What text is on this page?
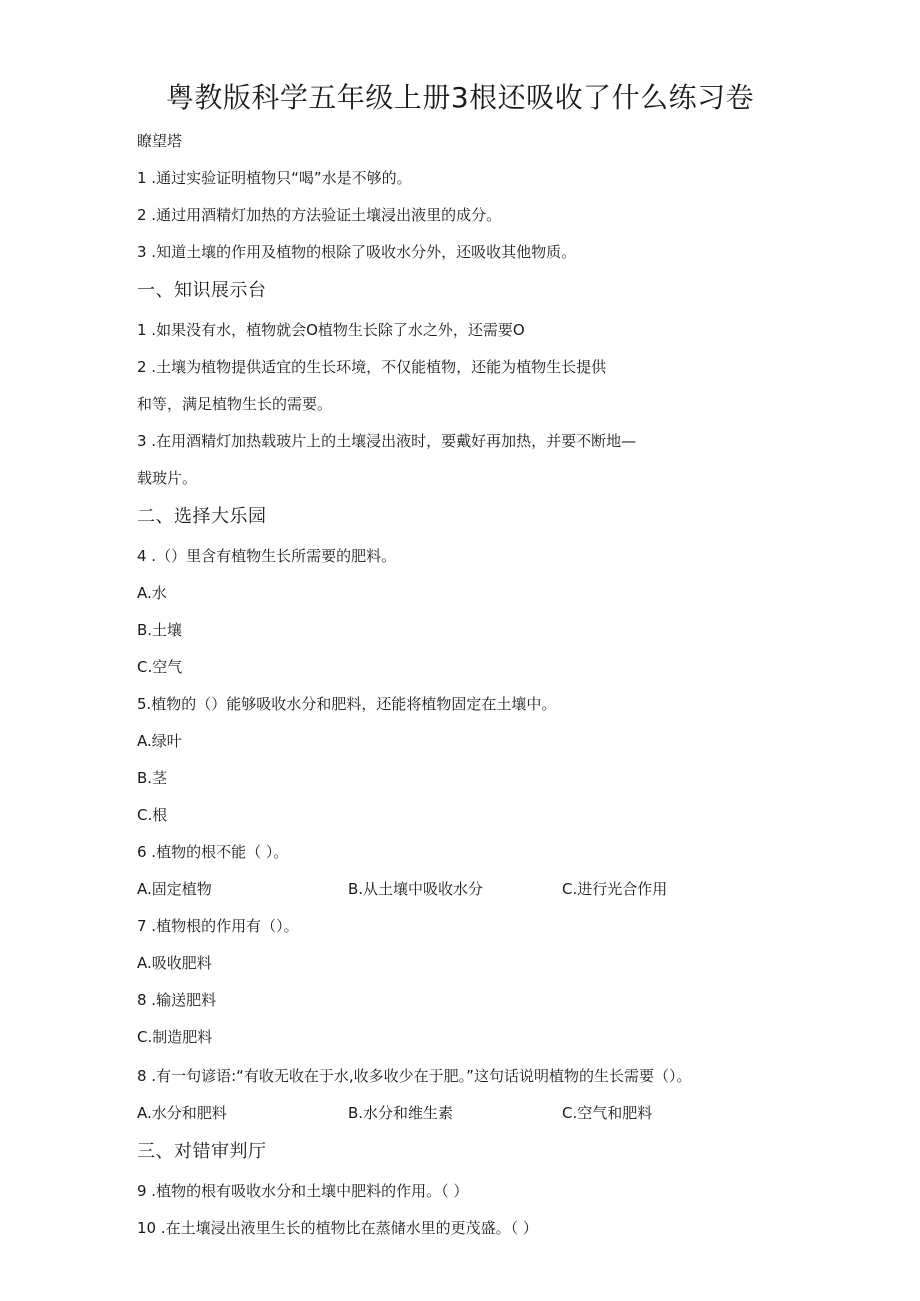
粤教版科学五年级上册3根还吸收了什么练习卷
瞭望塔
1 .通过实验证明植物只“喝”水是不够的。
2 .通过用酒精灯加热的方法验证土壤浸出液里的成分。
3 .知道土壤的作用及植物的根除了吸收水分外，还吸收其他物质。
一、知识展示台
1 .如果没有水，植物就会O植物生长除了水之外，还需要O
2 .土壤为植物提供适宜的生长环境，不仅能植物，还能为植物生长提供
和等，满足植物生长的需要。
3 .在用酒精灯加热载玻片上的土壤浸出液时，要戴好再加热，并要不断地—
载玻片。
二、选择大乐园
4 .（）里含有植物生长所需要的肥料。
A.水
B.土壤
C.空气
5.植物的（）能够吸收水分和肥料，还能将植物固定在土壤中。
A.绿叶
B.茎
C.根
6 .植物的根不能（ ）。
A.固定植物	B.从土壤中吸收水分	C.进行光合作用
7 .植物根的作用有（）。
A.吸收肥料
8 .输送肥料
C.制造肥料
8 .有一句谚语:“有收无收在于水,收多收少在于肥。”这句话说明植物的生长需要（）。
A.水分和肥料	B.水分和维生素	C.空气和肥料
三、对错审判厅
9 .植物的根有吸收水分和土壤中肥料的作用。（ ）
10 .在土壤浸出液里生长的植物比在蒸储水里的更茂盛。（ ）
